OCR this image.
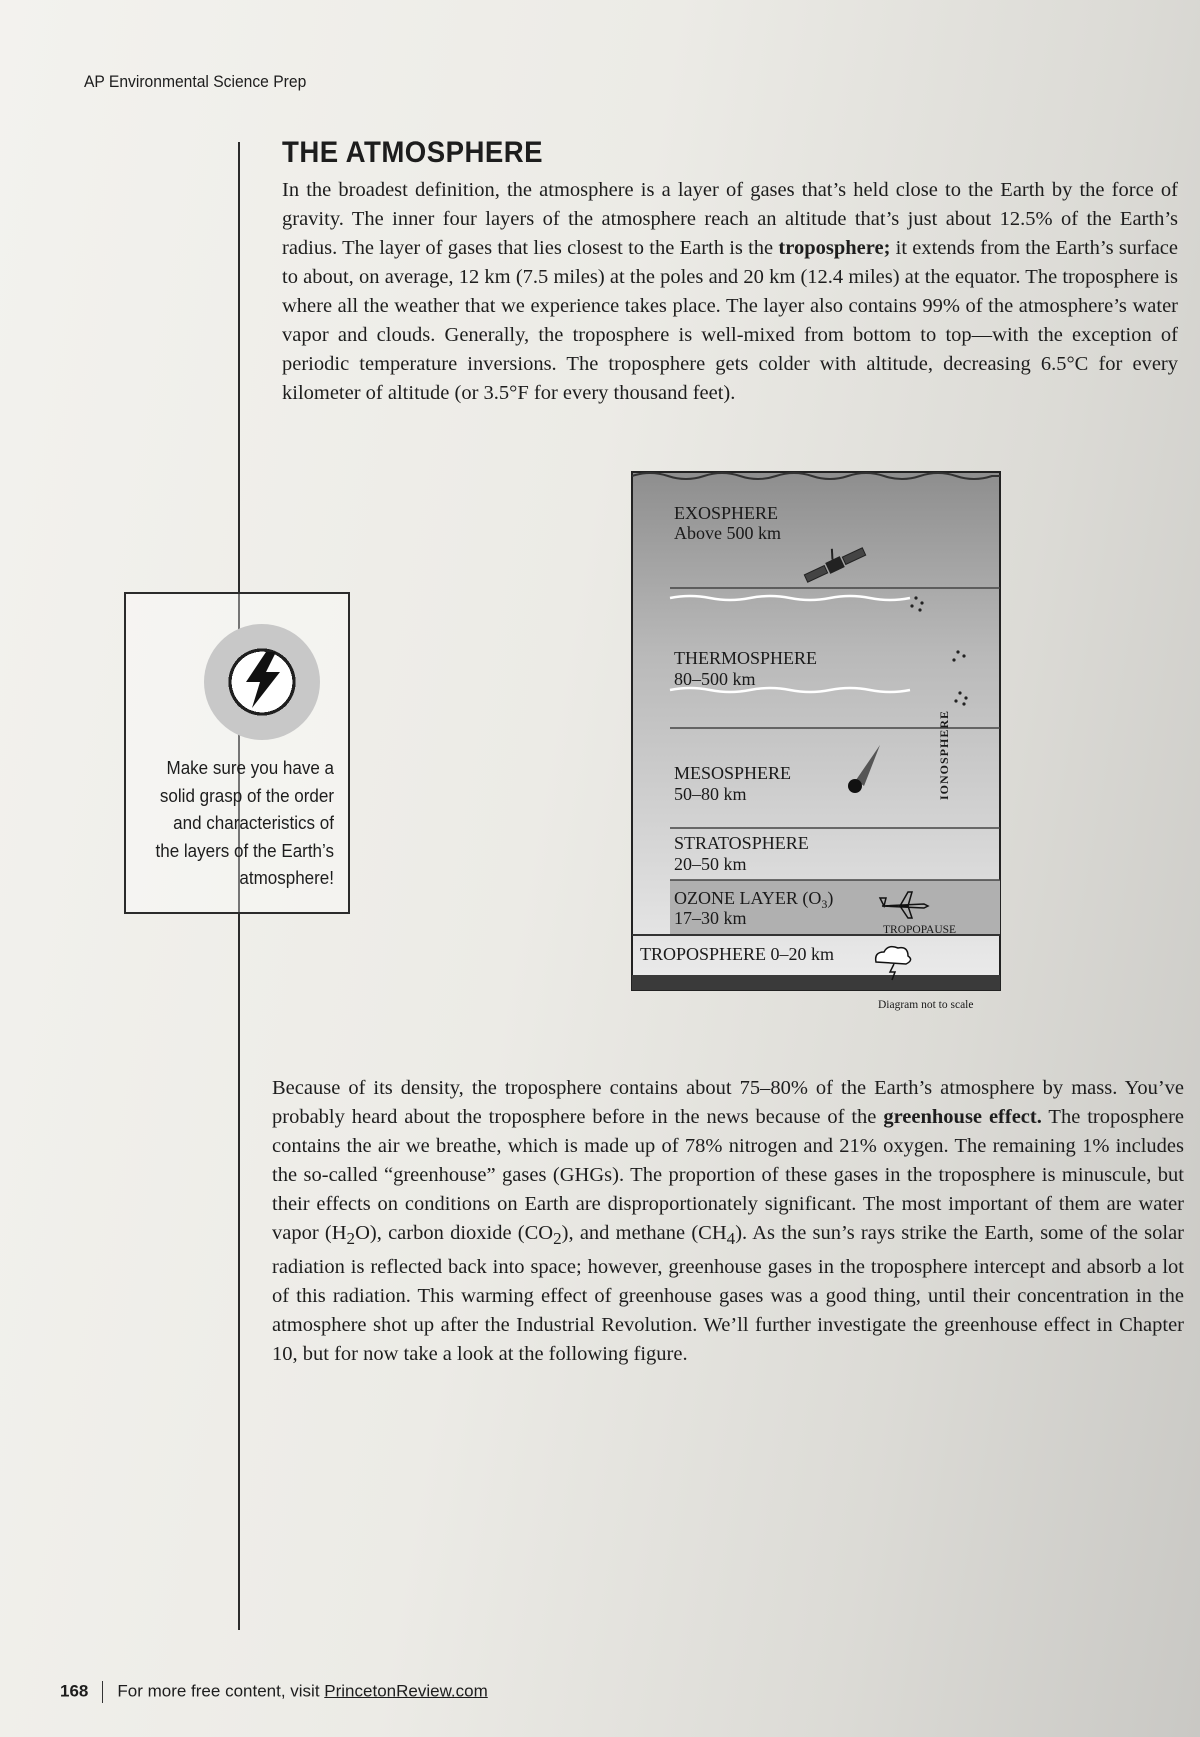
AP Environmental Science Prep
THE ATMOSPHERE

In the broadest definition, the atmosphere is a layer of gases that’s held close to the Earth by the force of gravity. The inner four layers of the atmosphere reach an altitude that’s just about 12.5% of the Earth’s radius. The layer of gases that lies closest to the Earth is the troposphere; it extends from the Earth’s surface to about, on average, 12 km (7.5 miles) at the poles and 20 km (12.4 miles) at the equator. The troposphere is where all the weather that we experience takes place. The layer also contains 99% of the atmosphere’s water vapor and clouds. Generally, the troposphere is well-mixed from bottom to top—with the exception of periodic temperature inversions. The troposphere gets colder with altitude, decreasing 6.5°C for every kilometer of altitude (or 3.5°F for every thousand feet).

Make sure you have a solid grasp of the order and characteristics of the layers of the Earth’s atmosphere!
EXOSPHERE
Above 500 km
THERMOSPHERE
80–500 km
MESOSPHERE
50–80 km
STRATOSPHERE
20–50 km
OZONE LAYER $(O_3)$
17–30 km
TROPOSPHERE 0–20 km
IONOSPHERE
TROPOPAUSE
Diagram not to scale

Because of its density, the troposphere contains about 75–80% of the Earth’s atmosphere by mass. You’ve probably heard about the troposphere before in the news because of the greenhouse effect. The troposphere contains the air we breathe, which is made up of 78% nitrogen and 21% oxygen. The remaining 1% includes the so-called “greenhouse” gases (GHGs). The proportion of these gases in the troposphere is minuscule, but their effects on conditions on Earth are disproportionately significant. The most important of them are water vapor $(H_2O)$, carbon dioxide $(CO_2)$, and methane $(CH_4)$. As the sun’s rays strike the Earth, some of the solar radiation is reflected back into space; however, greenhouse gases in the troposphere intercept and absorb a lot of this radiation. This warming effect of greenhouse gases was a good thing, until their concentration in the atmosphere shot up after the Industrial Revolution. We’ll further investigate the greenhouse effect in Chapter 10, but for now take a look at the following figure.

168 For more free content, visit PrincetonReview.com
